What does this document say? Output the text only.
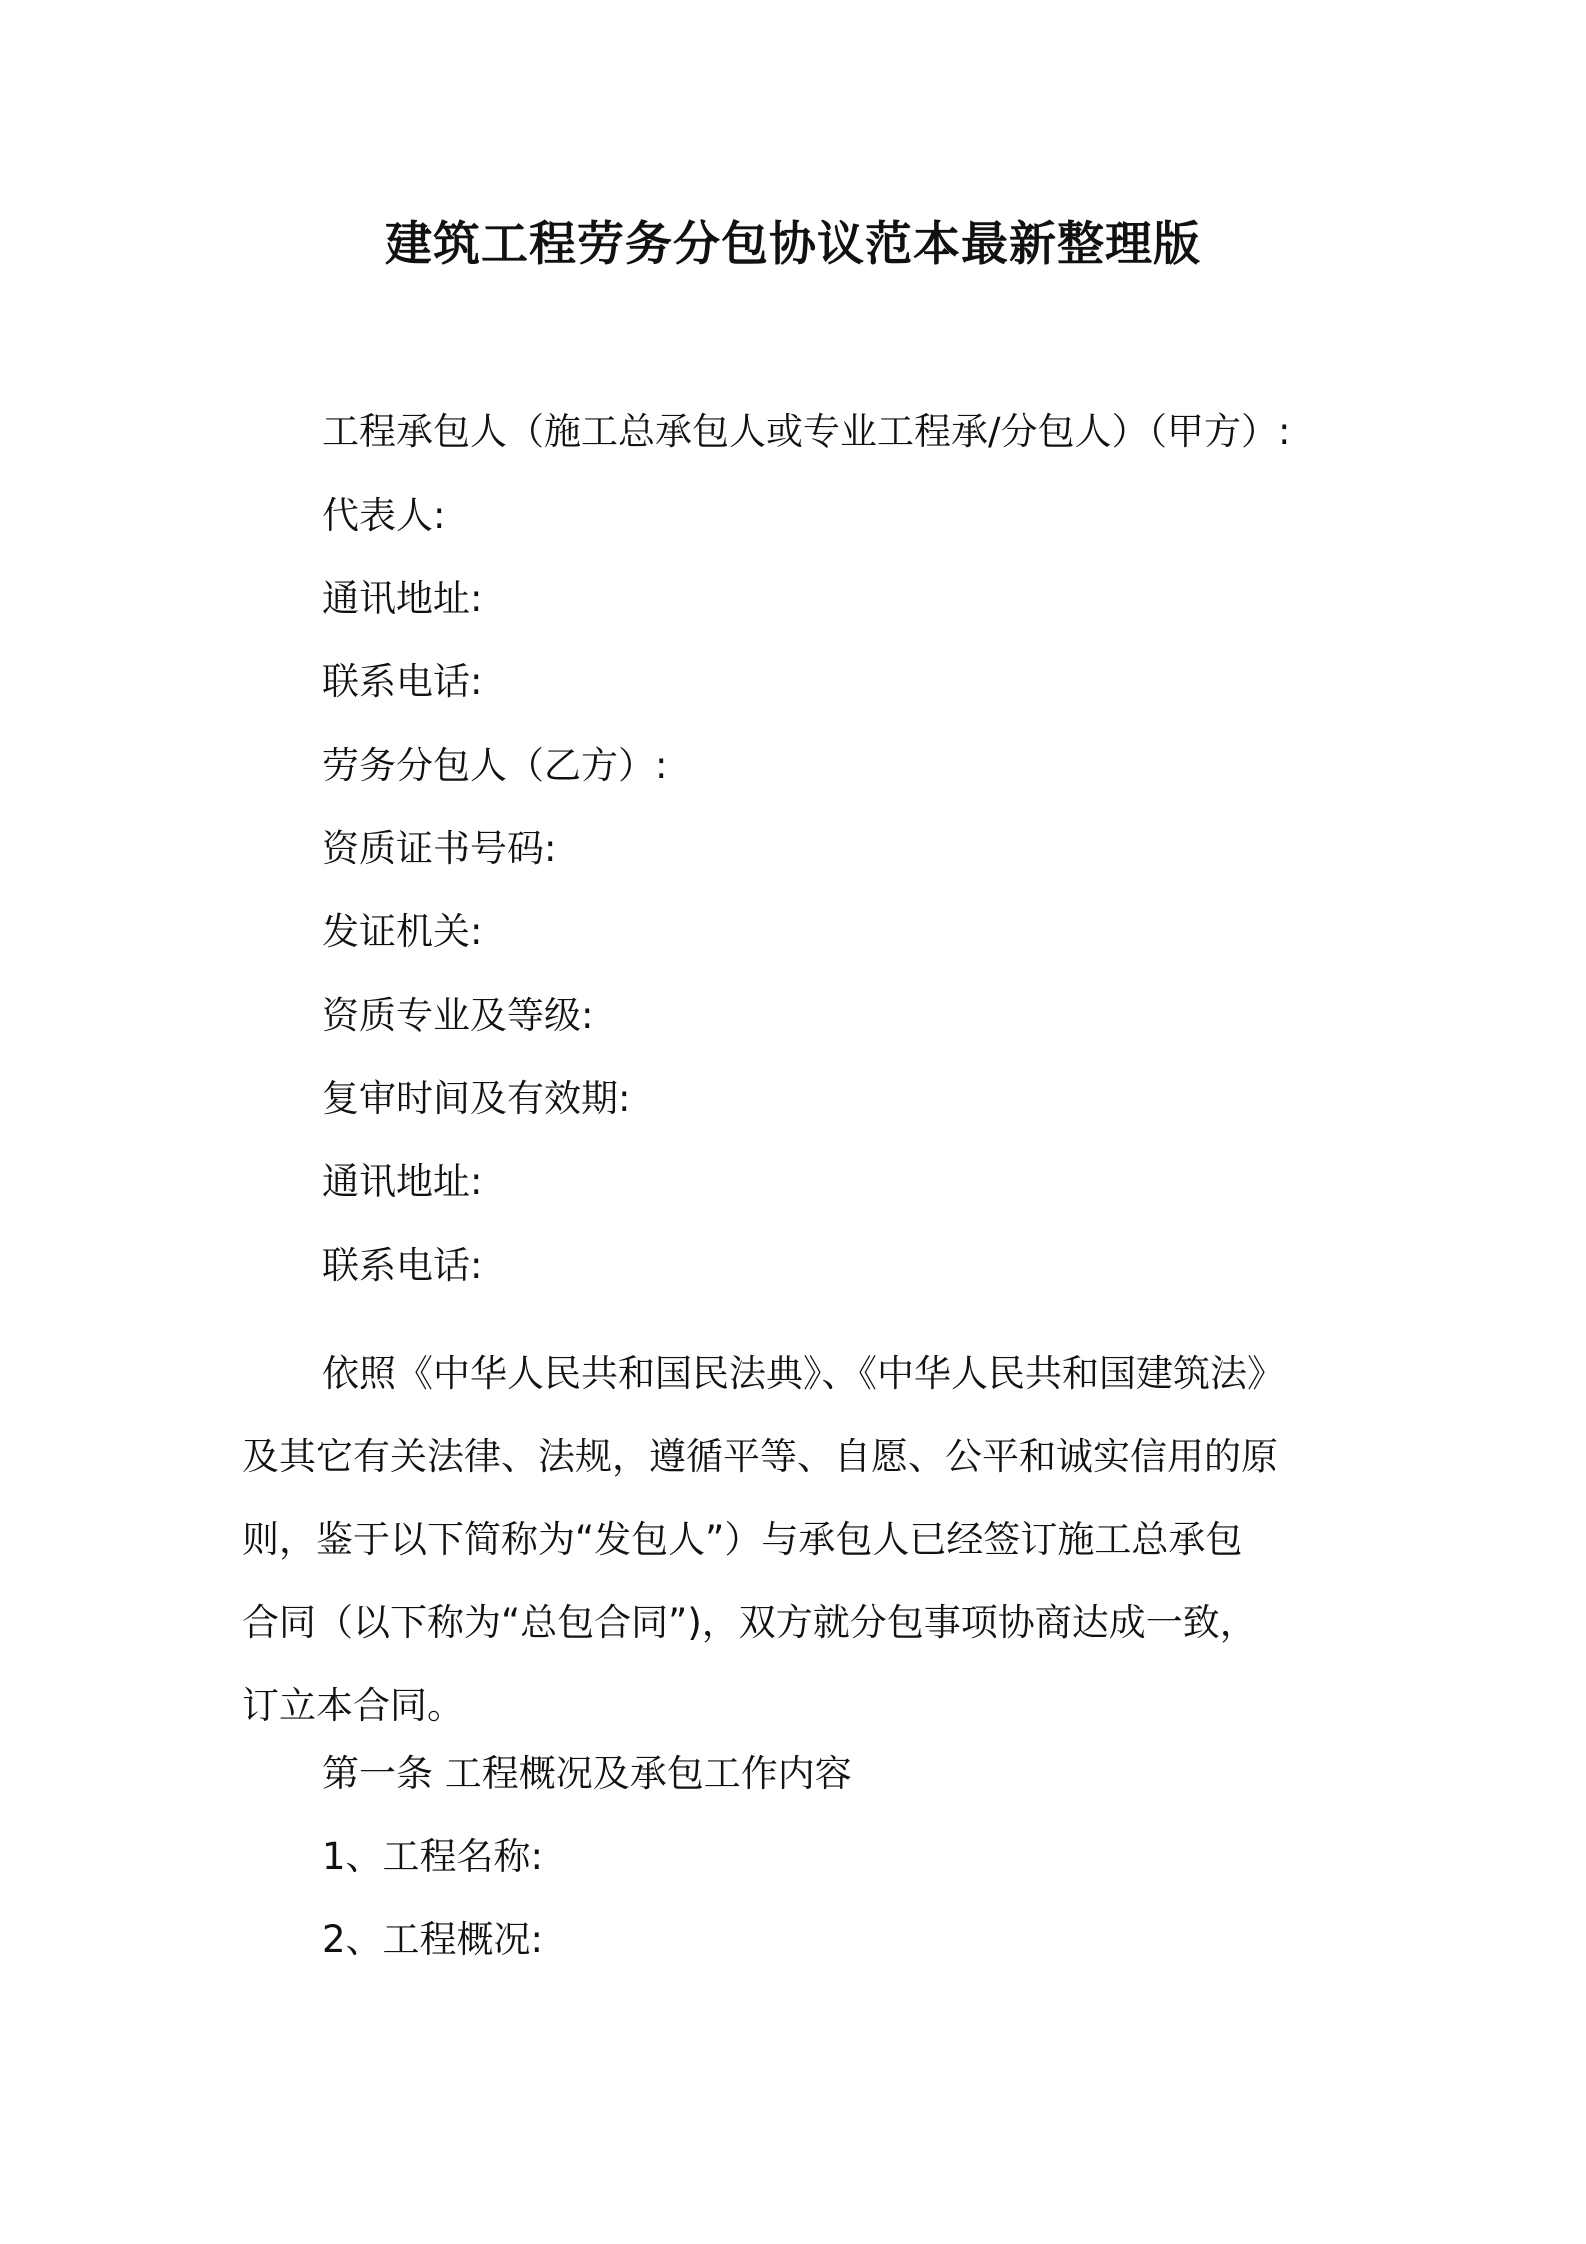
建筑工程劳务分包协议范本最新整理版
工程承包人（施工总承包人或专业工程承/分包人）（甲方）:
代表人:
通讯地址:
联系电话:
劳务分包人（乙方）:
资质证书号码:
发证机关:
资质专业及等级:
复审时间及有效期:
通讯地址:
联系电话:
依照《中华人民共和国民法典》、《中华人民共和国建筑法》
及其它有关法律、法规，遵循平等、自愿、公平和诚实信用的原
则，鉴于以下简称为“发包人”）与承包人已经签订施工总承包
合同（以下称为“总包合同”)，双方就分包事项协商达成一致，
订立本合同。
第一条 工程概况及承包工作内容
1、工程名称:
2、工程概况:
